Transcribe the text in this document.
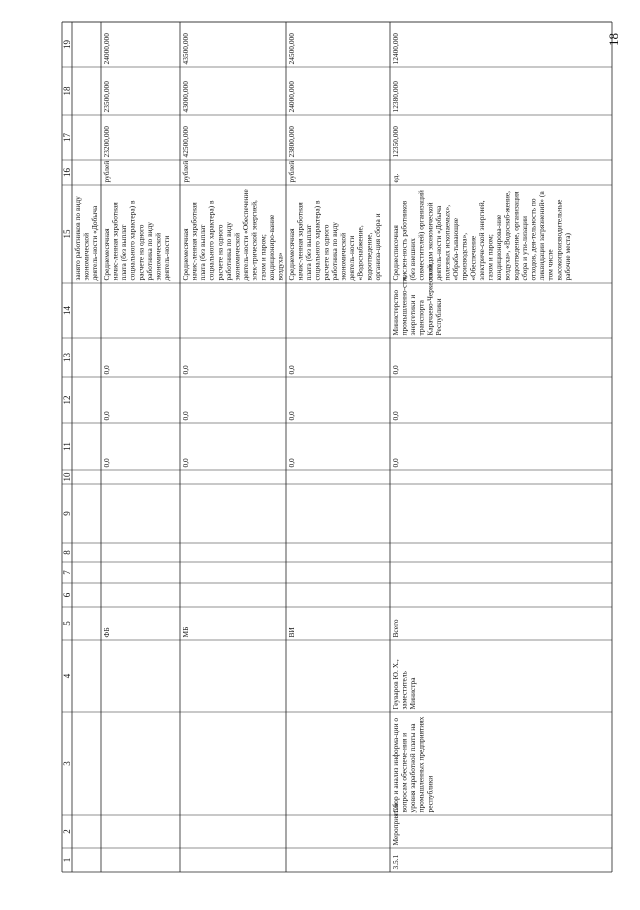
1
2
3
4
5
6
7
8
9
10
11
12
13
14
15
16
17
18
19
занято работников по видуэкономическойдеятель-ности «Добыча
ФБ
0,0
0,0
0,0
Среднемесячнаяначис-ленная заработнаяплата (без выплатсоциального характера) врасчете на одногоработника по видуэкономическойдеятель-ности
рублей
23200,000
23500,000
24000,000
МБ
0,0
0,0
0,0
Среднемесячнаяначис-ленная заработнаяплата (без выплатсоциального характера) врасчете на одногоработника по видуэкономическойдеятель-ности «Обеспечениеэлек-трической энергией,газом и паром;кондициониро-ваниевоздуха»
рублей
42500,000
43000,000
43500,000
ВИ
0,0
0,0
0,0
Среднемесячнаяначис-ленная заработнаяплата (без выплатсоциального характера) врасчете на одногоработника по видуэкономическойдеятель-ности«Водоснабжение,водоотведение,организа-ция сбора и
рублей
23800,000
24000,000
24500,000
3.5.1
Мероприятие
Сбор и анализ информа-ции овопросам обеспече-ния иуровня заработной платы напромышленных предприятияхреспублики
Геуваров Ю. Х.,заместительМинистра
Всего
0,0
0,0
0,0
Министерствопромышленно-сти,энергетики итранспортаКарачаево-ЧеркесскойРеспублики
Среднесписочнаячислен-ность работников(без внешнихсовместителей) организацийпо видам экономическойдеятель-ности «Добычаполезных ископаемых»,«Обраба-тывающиепроизводства»,«Обеспечениеэлектриче-ской энергией,газом и паром;кондиционирова-ниевоздуха», «Водоснаб-жение,водоотведение, организациясбора и ути-лизацииотходов, дея-тельность поликвидации загрязнений» (втом числевысокопроизводительныерабочие места)
ед.
12350,000
12380,000
12400,000	18
